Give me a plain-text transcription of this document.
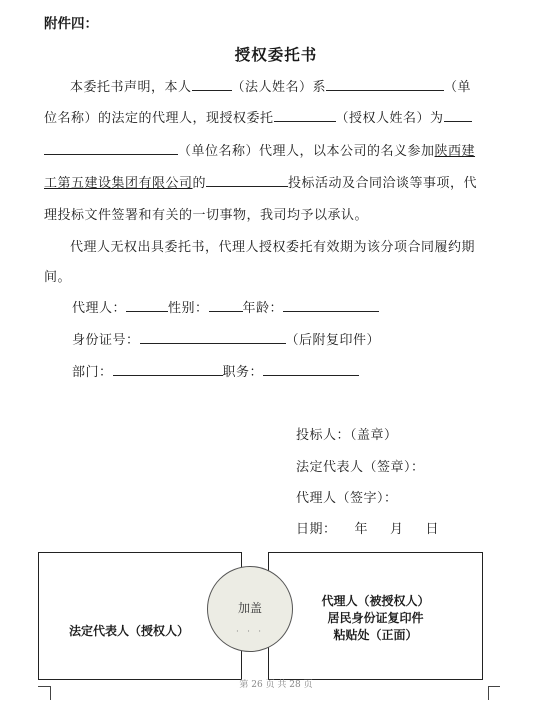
附件四：
授权委托书
本委托书声明，本人	（法人姓名）系	（单
位名称）的法定的代理人，现授权委托	（授权人姓名）为
（单位名称）代理人，以本公司的名义参加陕西建
工第五建设集团有限公司的	投标活动及合同洽谈等事项，代
理投标文件签署和有关的一切事物，我司均予以承认。
代理人无权出具委托书，代理人授权委托有效期为该分项合同履约期
间。
代理人：	性别：	年龄：
身份证号：	（后附复印件）
部门：	职务：
投标人：（盖章）
法定代表人（签章）：
代理人（签字）：
日期： 年 月 日
法定代表人（授权人）
代理人（被授权人）
居民身份证复印件
粘贴处（正面）
加盖
· · ·
第 26 页 共 28 页
